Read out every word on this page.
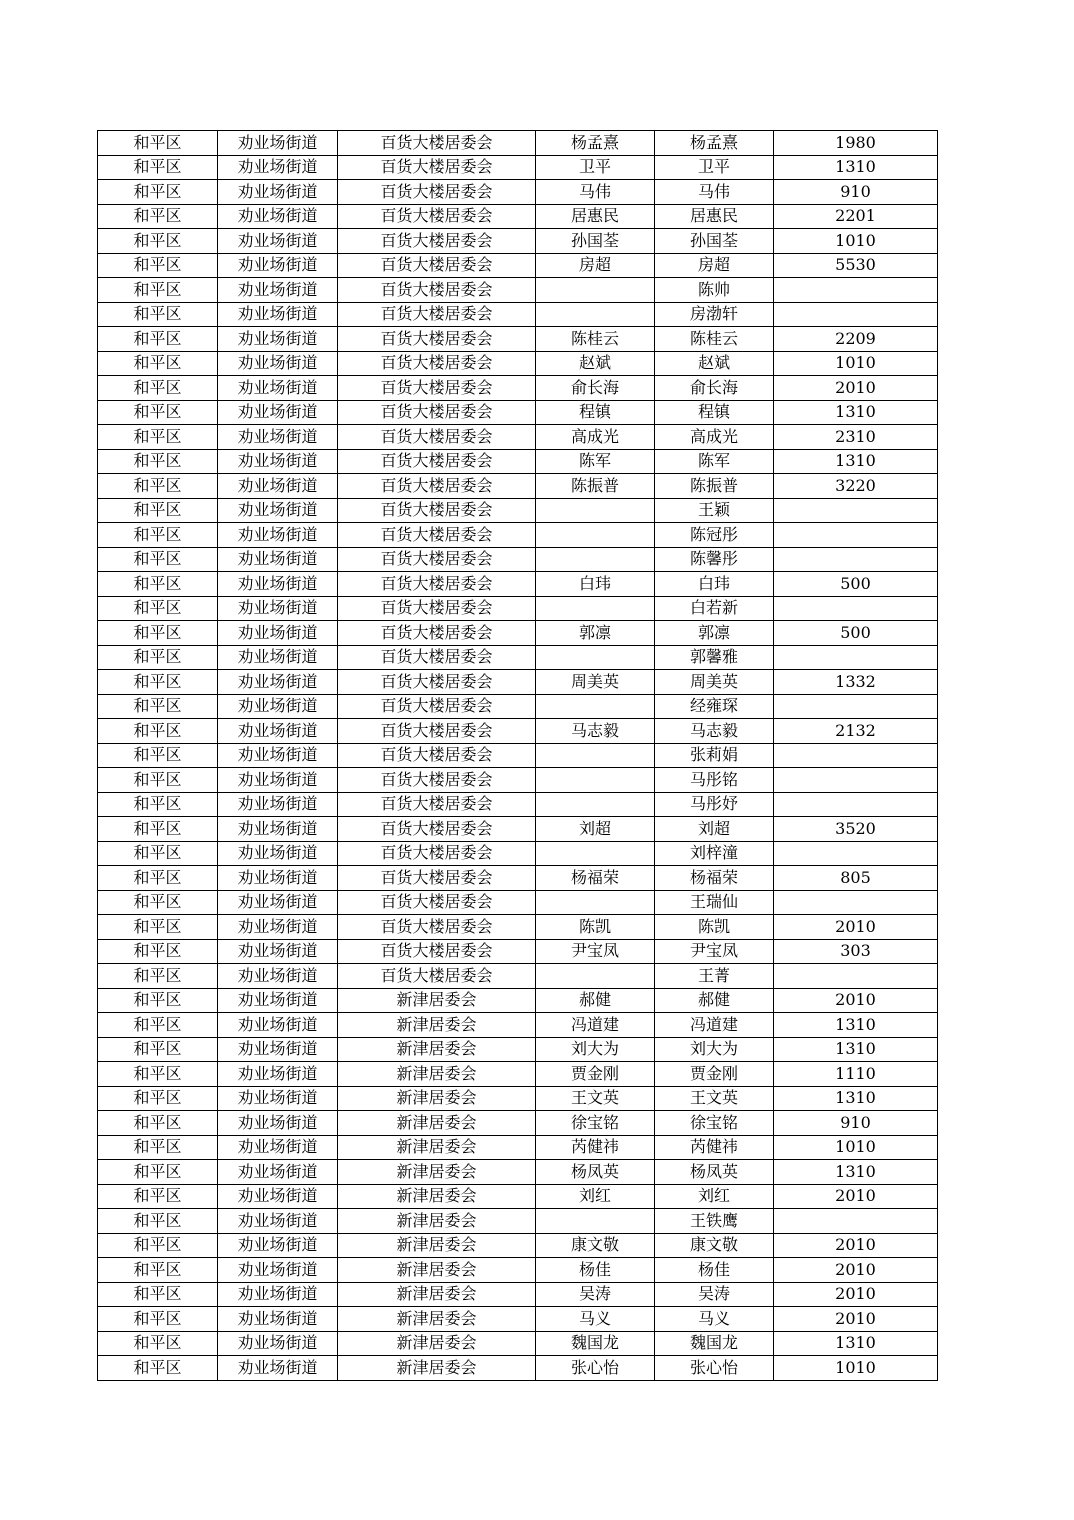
和平区	劝业场街道	百货大楼居委会	杨孟熹	杨孟熹	1980
和平区	劝业场街道	百货大楼居委会	卫平	卫平	1310
和平区	劝业场街道	百货大楼居委会	马伟	马伟	910
和平区	劝业场街道	百货大楼居委会	居惠民	居惠民	2201
和平区	劝业场街道	百货大楼居委会	孙国荃	孙国荃	1010
和平区	劝业场街道	百货大楼居委会	房超	房超	5530
和平区	劝业场街道	百货大楼居委会		陈帅	
和平区	劝业场街道	百货大楼居委会		房渤轩	
和平区	劝业场街道	百货大楼居委会	陈桂云	陈桂云	2209
和平区	劝业场街道	百货大楼居委会	赵斌	赵斌	1010
和平区	劝业场街道	百货大楼居委会	俞长海	俞长海	2010
和平区	劝业场街道	百货大楼居委会	程镇	程镇	1310
和平区	劝业场街道	百货大楼居委会	高成光	高成光	2310
和平区	劝业场街道	百货大楼居委会	陈军	陈军	1310
和平区	劝业场街道	百货大楼居委会	陈振普	陈振普	3220
和平区	劝业场街道	百货大楼居委会		王颖	
和平区	劝业场街道	百货大楼居委会		陈冠彤	
和平区	劝业场街道	百货大楼居委会		陈馨彤	
和平区	劝业场街道	百货大楼居委会	白玮	白玮	500
和平区	劝业场街道	百货大楼居委会		白若新	
和平区	劝业场街道	百货大楼居委会	郭凛	郭凛	500
和平区	劝业场街道	百货大楼居委会		郭馨雅	
和平区	劝业场街道	百货大楼居委会	周美英	周美英	1332
和平区	劝业场街道	百货大楼居委会		经雍琛	
和平区	劝业场街道	百货大楼居委会	马志毅	马志毅	2132
和平区	劝业场街道	百货大楼居委会		张莉娟	
和平区	劝业场街道	百货大楼居委会		马彤铭	
和平区	劝业场街道	百货大楼居委会		马彤妤	
和平区	劝业场街道	百货大楼居委会	刘超	刘超	3520
和平区	劝业场街道	百货大楼居委会		刘梓潼	
和平区	劝业场街道	百货大楼居委会	杨福荣	杨福荣	805
和平区	劝业场街道	百货大楼居委会		王瑞仙	
和平区	劝业场街道	百货大楼居委会	陈凯	陈凯	2010
和平区	劝业场街道	百货大楼居委会	尹宝凤	尹宝凤	303
和平区	劝业场街道	百货大楼居委会		王菁	
和平区	劝业场街道	新津居委会	郝健	郝健	2010
和平区	劝业场街道	新津居委会	冯道建	冯道建	1310
和平区	劝业场街道	新津居委会	刘大为	刘大为	1310
和平区	劝业场街道	新津居委会	贾金刚	贾金刚	1110
和平区	劝业场街道	新津居委会	王文英	王文英	1310
和平区	劝业场街道	新津居委会	徐宝铭	徐宝铭	910
和平区	劝业场街道	新津居委会	芮健祎	芮健祎	1010
和平区	劝业场街道	新津居委会	杨凤英	杨凤英	1310
和平区	劝业场街道	新津居委会	刘红	刘红	2010
和平区	劝业场街道	新津居委会		王铁鹰	
和平区	劝业场街道	新津居委会	康文敬	康文敬	2010
和平区	劝业场街道	新津居委会	杨佳	杨佳	2010
和平区	劝业场街道	新津居委会	吴涛	吴涛	2010
和平区	劝业场街道	新津居委会	马义	马义	2010
和平区	劝业场街道	新津居委会	魏国龙	魏国龙	1310
和平区	劝业场街道	新津居委会	张心怡	张心怡	1010
